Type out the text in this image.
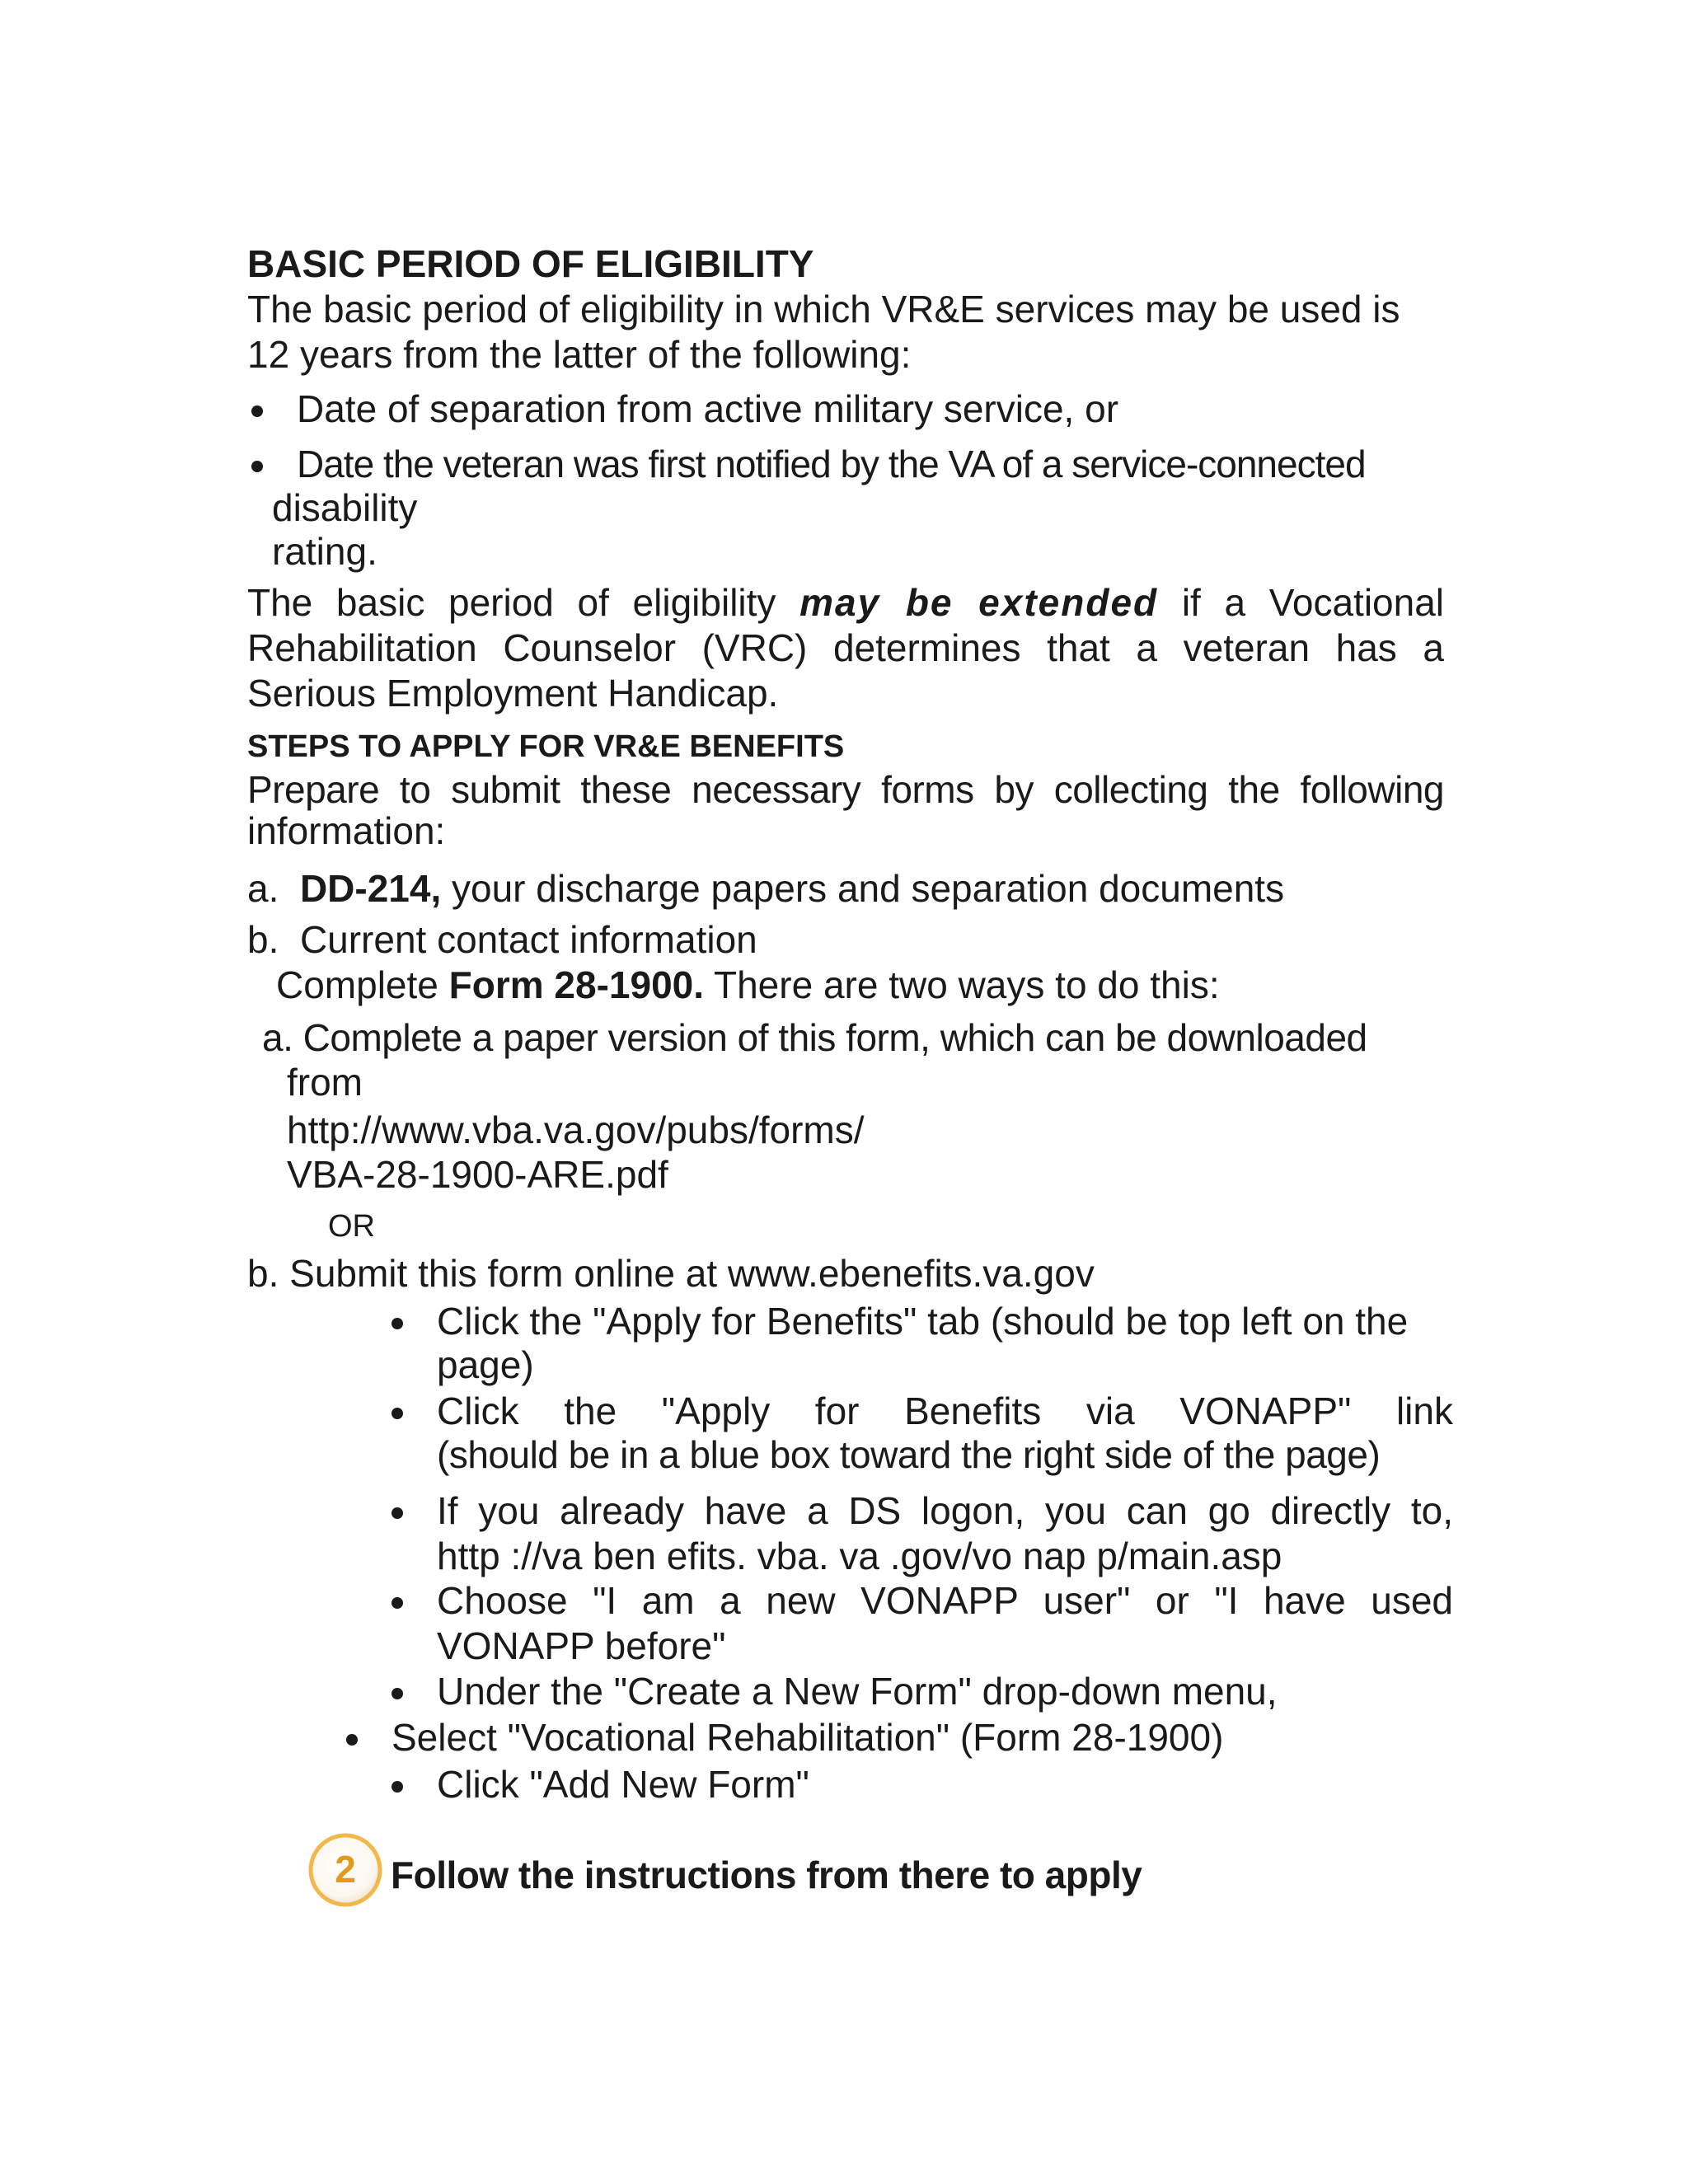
BASIC PERIOD OF ELIGIBILITY
The basic period of eligibility in which VR&E services may be used is
12 years from the latter of the following:
Date of separation from active military service, or
Date the veteran was first notified by the VA of a service-connected
disability
rating.
The basic period of eligibility may be extended if a Vocational
Rehabilitation Counselor (VRC) determines that a veteran has a
Serious Employment Handicap.
STEPS TO APPLY FOR VR&E BENEFITS
Prepare to submit these necessary forms by collecting the following
information:
a. DD-214, your discharge papers and separation documents
b. Current contact information
Complete Form 28-1900. There are two ways to do this:
a. Complete a paper version of this form, which can be downloaded
from
http://www.vba.va.gov/pubs/forms/
VBA-28-1900-ARE.pdf
OR
b. Submit this form online at www.ebenefits.va.gov
Click the "Apply for Benefits" tab (should be top left on the
page)
Click the "Apply for Benefits via VONAPP" link
(should be in a blue box toward the right side of the page)
If you already have a DS logon, you can go directly to,
http ://va ben efits. vba. va .gov/vo nap p/main.asp
Choose "I am a new VONAPP user" or "I have used
VONAPP before"
Under the "Create a New Form" drop-down menu,
Select "Vocational Rehabilitation" (Form 28-1900)
Click "Add New Form"
2 Follow the instructions from there to apply
